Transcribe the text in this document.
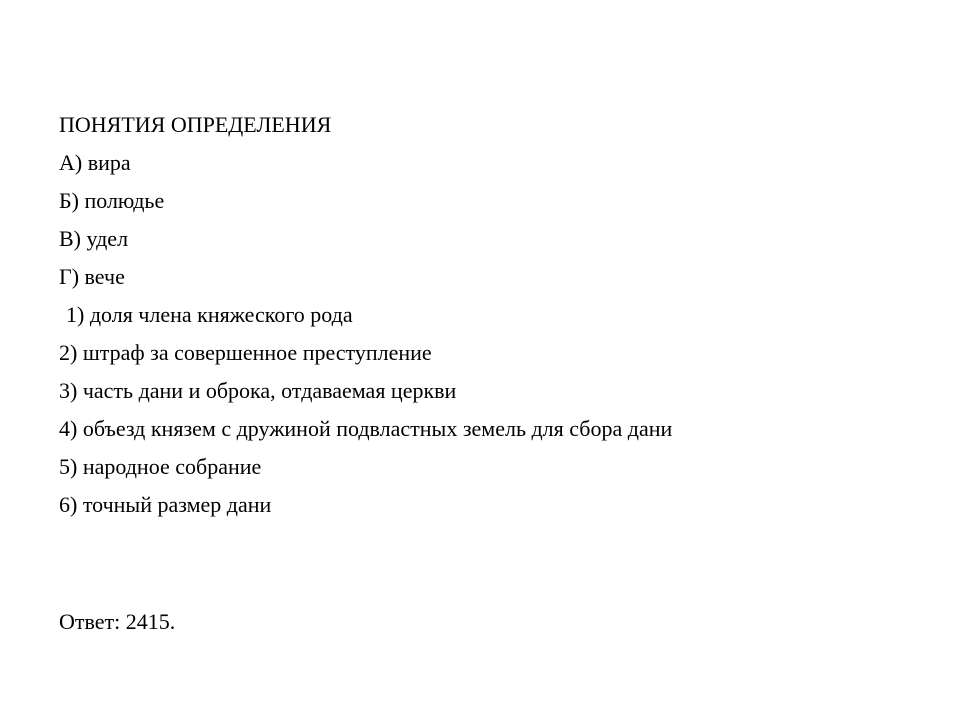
ПОНЯТИЯ ОПРЕДЕЛЕНИЯ
А) вира
Б) полюдье
В) удел
Г) вече
1) доля члена княжеского рода
2) штраф за совершенное преступление
3) часть дани и оброка, отдаваемая церкви
4) объезд князем с дружиной подвластных земель для сбора дани
5) народное собрание
6) точный размер дани
Ответ: 2415.
